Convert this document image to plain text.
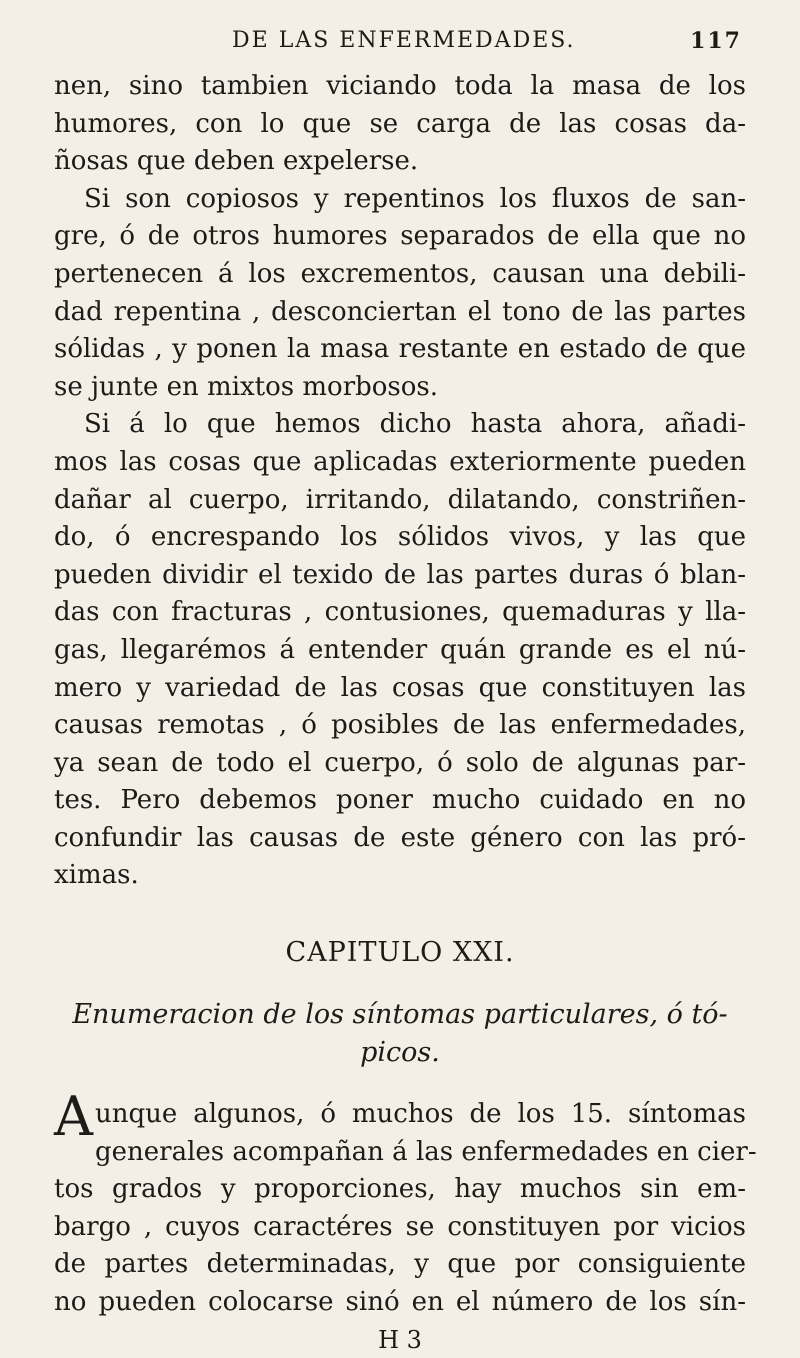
DE LAS ENFERMEDADES.	117
nen, sino tambien viciando toda la masa de los
humores, con lo que se carga de las cosas da-
ñosas que deben expelerse.
Si son copiosos y repentinos los fluxos de san-
gre, ó de otros humores separados de ella que no
pertenecen á los excrementos, causan una debili-
dad repentina , desconciertan el tono de las partes
sólidas , y ponen la masa restante en estado de que
se junte en mixtos morbosos.
Si á lo que hemos dicho hasta ahora, añadi-
mos las cosas que aplicadas exteriormente pueden
dañar al cuerpo, irritando, dilatando, constriñen-
do, ó encrespando los sólidos vivos, y las que
pueden dividir el texido de las partes duras ó blan-
das con fracturas , contusiones, quemaduras y lla-
gas, llegarémos á entender quán grande es el nú-
mero y variedad de las cosas que constituyen las
causas remotas , ó posibles de las enfermedades,
ya sean de todo el cuerpo, ó solo de algunas par-
tes. Pero debemos poner mucho cuidado en no
confundir las causas de este género con las pró-
ximas.
CAPITULO XXI.
Enumeracion de los síntomas particulares, ó tó-
picos.
Aunque algunos, ó muchos de los 15. síntomas
generales acompañan á las enfermedades en cier-
tos grados y proporciones, hay muchos sin em-
bargo , cuyos caractéres se constituyen por vicios
de partes determinadas, y que por consiguiente
no pueden colocarse sinó en el número de los sín-
H 3
